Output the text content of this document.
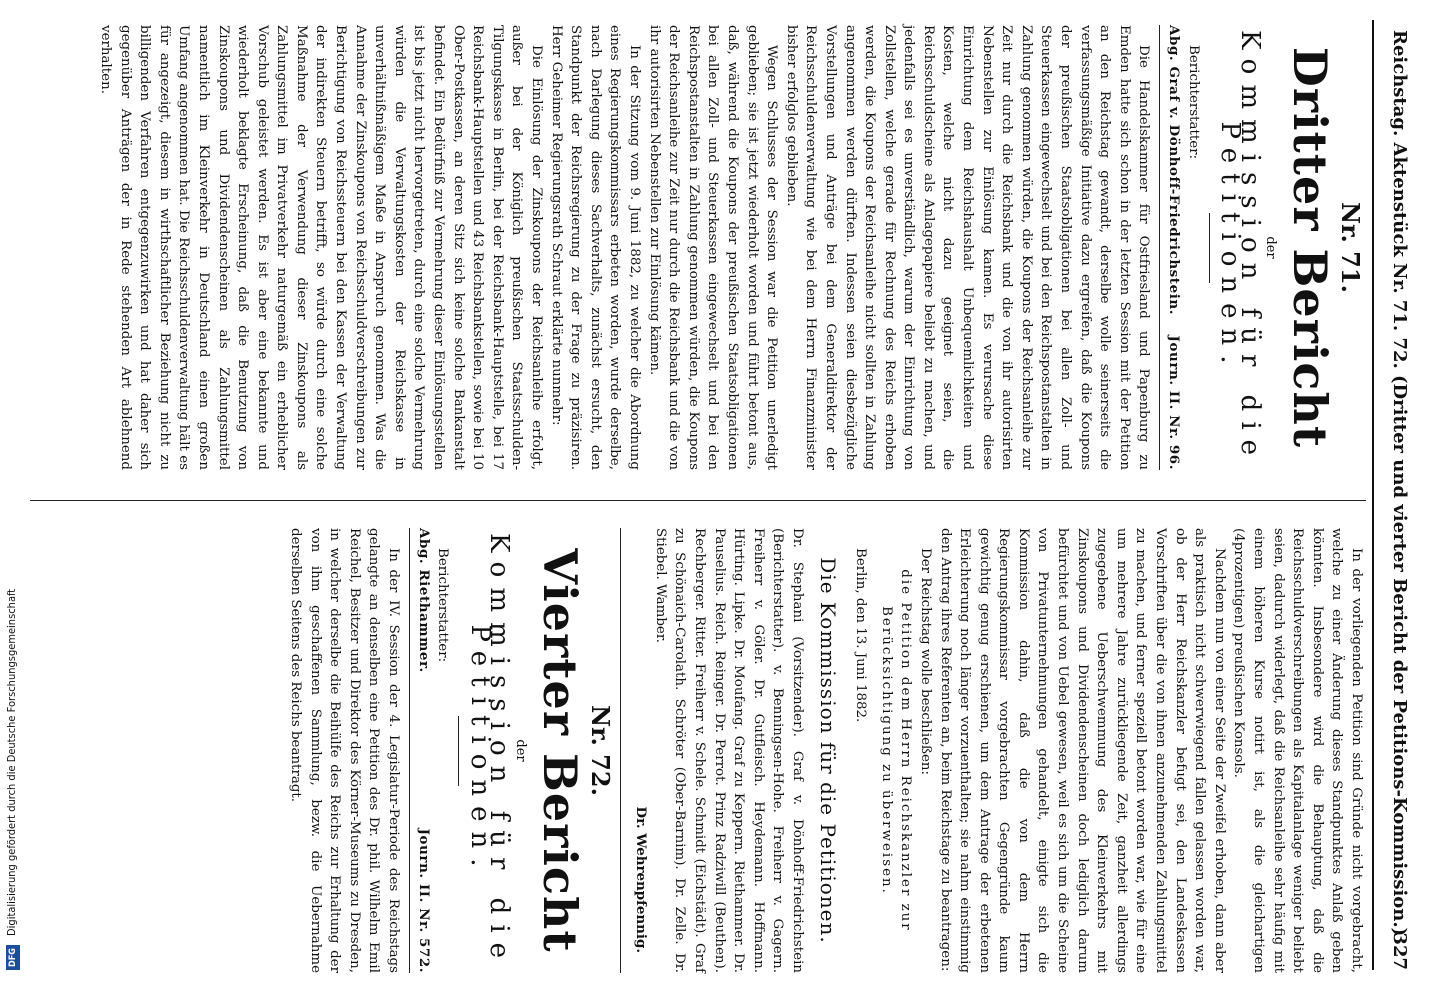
Reichstag. Aktenstück Nr. 71. 72. (Dritter und vierter Bericht der Petitions-Kommission.)
327
Nr. 71.
Dritter Bericht
der
Kommission für die Petitionen.

Berichterstatter:

Abg. Graf v. Dönhoff-Friedrichstein.
Journ. II. Nr. 96.

Die Handelskammer für Ostfriesland und Papenburg zu Emden hatte sich schon in der letzten Session mit der Petition an den Reichstag gewandt, derselbe wolle seinerseits die verfassungsmäßige Initiative dazu ergreifen, daß die Koupons der preußischen Staatsobligationen bei allen Zoll- und Steuerkassen eingewechselt und bei den Reichspostanstalten in Zahlung genommen würden, die Koupons der Reichsanleihe zur Zeit nur durch die Reichsbank und die von ihr autorisirten Nebenstellen zur Einlösung kamen. Es verursache diese Einrichtung dem Reichshaushalt Unbequemlichkeiten und Kosten, welche nicht dazu geeignet seien, die Reichsschuldscheine als Anlagepapiere beliebt zu machen, und jedenfalls sei es unverständlich, warum der Einrichtung von Zollstellen, welche gerade für Rechnung des Reichs erhoben werden, die Koupons der Reichsanleihe nicht sollten in Zahlung angenommen werden dürften. Indessen seien diesbezügliche Vorstellungen und Anträge bei dem Generaldirektor der Reichsschuldenverwaltung wie bei dem Herrn Finanzminister bisher erfolglos geblieben.

Wegen Schlusses der Session war die Petition unerledigt geblieben; sie ist jetzt wiederholt worden und führt betont aus, daß, während die Koupons der preußischen Staatsobligationen bei allen Zoll- und Steuerkassen eingewechselt und bei den Reichspostanstalten in Zahlung genommen würden, die Koupons der Reichsanleihe zur Zeit nur durch die Reichsbank und die von ihr autorisirten Nebenstellen zur Einlösung kämen.

In der Sitzung vom 9. Juni 1882, zu welcher die Abordnung eines Regierungskommissars erbeten worden, wurde derselbe, nach Darlegung dieses Sachverhalts, zunächst ersucht, den Standpunkt der Reichsregierung zu der Frage zu präzisiren. Herr Geheimer Regierungsrath Schraut erklärte nunmehr:

Die Einlösung der Zinskoupons der Reichsanleihe erfolgt, außer bei der Königlich preußischen Staatsschulden-Tilgungskasse in Berlin, bei der Reichsbank-Hauptstelle, bei 17 Reichsbank-Hauptstellen und 43 Reichsbankstellen, sowie bei 10 Ober-Postkassen, an deren Sitz sich keine solche Bankanstalt befindet. Ein Bedürfniß zur Vermehrung dieser Einlösungsstellen ist bis jetzt nicht hervorgetreten, durch eine solche Vermehrung würden die Verwaltungskosten der Reichskasse in unverhältnißmäßigem Maße in Anspruch genommen. Was die Annahme der Zinskoupons von Reichsschuldverschreibungen zur Berichtigung von Reichssteuern bei den Kassen der Verwaltung der indirekten Steuern betrifft, so würde durch eine solche Maßnahme der Verwendung dieser Zinskoupons als Zahlungsmittel im Privatverkehr naturgemäß ein erheblicher Vorschub geleistet werden. Es ist aber eine bekannte und wiederholt beklagte Erscheinung, daß die Benutzung von Zinskoupons und Dividendenscheinen als Zahlungsmittel namentlich im Kleinverkehr in Deutschland einen großen Umfang angenommen hat. Die Reichsschuldenverwaltung hält es für angezeigt, diesem in wirthschaftlicher Beziehung nicht zu billigenden Verfahren entgegenzuwirken und hat daher sich gegenüber Anträgen der in Rede stehenden Art ablehnend verhalten.

In der vorliegenden Petition sind Gründe nicht vorgebracht, welche zu einer Änderung dieses Standpunktes Anlaß geben könnten. Insbesondere wird die Behauptung, daß die Reichsschuldverschreibungen als Kapitalanlage weniger beliebt seien, dadurch widerlegt, daß die Reichsanleihe sehr häufig mit einem höheren Kurse notirt ist, als die gleichartigen (4prozentigen) preußischen Konsols.

Nachdem nun von einer Seite der Zweifel erhoben, dann aber als praktisch nicht schwerwiegend fallen gelassen worden war, ob der Herr Reichskanzler befugt sei, den Landeskassen Vorschriften über die von ihnen anzunehmenden Zahlungsmittel zu machen, und ferner speziell betont worden war, wie für eine um mehrere Jahre zurückliegende Zeit, ganzheit allerdings zugegebene Ueberschwemmung des Kleinverkehrs mit Zinskoupons und Dividendenscheinen doch lediglich darum befürchtet und von Uebel gewesen, weil es sich um die Scheine von Privatunternehmungen gehandelt, einigte sich die Kommission dahin, daß die von dem Herrn Regierungskommissar vorgebrachten Gegengründe kaum gewichtig genug erschienen, um dem Antrage der erbetenen Erleichterung noch länger vorzuenthalten; sie nahm einstimmig den Antrag ihres Referenten an, beim Reichstage zu beantragen:

Der Reichstag wolle beschließen:

die Petition dem Herrn Reichskanzler zur Berücksichtigung zu überweisen.

Berlin, den 13. Juni 1882.

Die Kommission für die Petitionen.

Dr. Stephani (Vorsitzender). Graf v. Dönhoff-Friedrichstein (Berichterstatter). v. Benningsen-Hohe. Freiherr v. Gagern. Freiherr v. Göler. Dr. Gutfleisch. Heydemann. Hoffmann. Hürting. Lipke. Dr. Moufang. Graf zu Keppern. Riethammer. Dr. Pauselius. Reich. Reinger. Dr. Perrot. Prinz Radziwill (Beuthen). Rechberger. Ritter. Freiherr v. Schele. Schmidt (Eichstädt). Graf zu Schönaich-Carolath. Schröter (Ober-Barnim). Dr. Zelle. Dr. Stiebel. Wamber.

Dr. Wehrenpfennig.

Nr. 72.
Vierter Bericht
der
Kommission für die Petitionen.

Berichterstatter:

Abg. Riethammer.
Journ. II. Nr. 572.

In der IV. Session der 4. Legislatur-Periode des Reichstags gelangte an denselben eine Petition des Dr. phil. Wilhelm Emil Reichel, Besitzer und Direktor des Körner-Museums zu Dresden, in welcher derselbe die Beihülfe des Reichs zur Erhaltung der von ihm geschaffenen Sammlung, bezw. die Uebernahme derselben Seitens des Reichs beantragt.

DFG Digitalisierung gefördert durch die Deutsche Forschungsgemeinschaft
